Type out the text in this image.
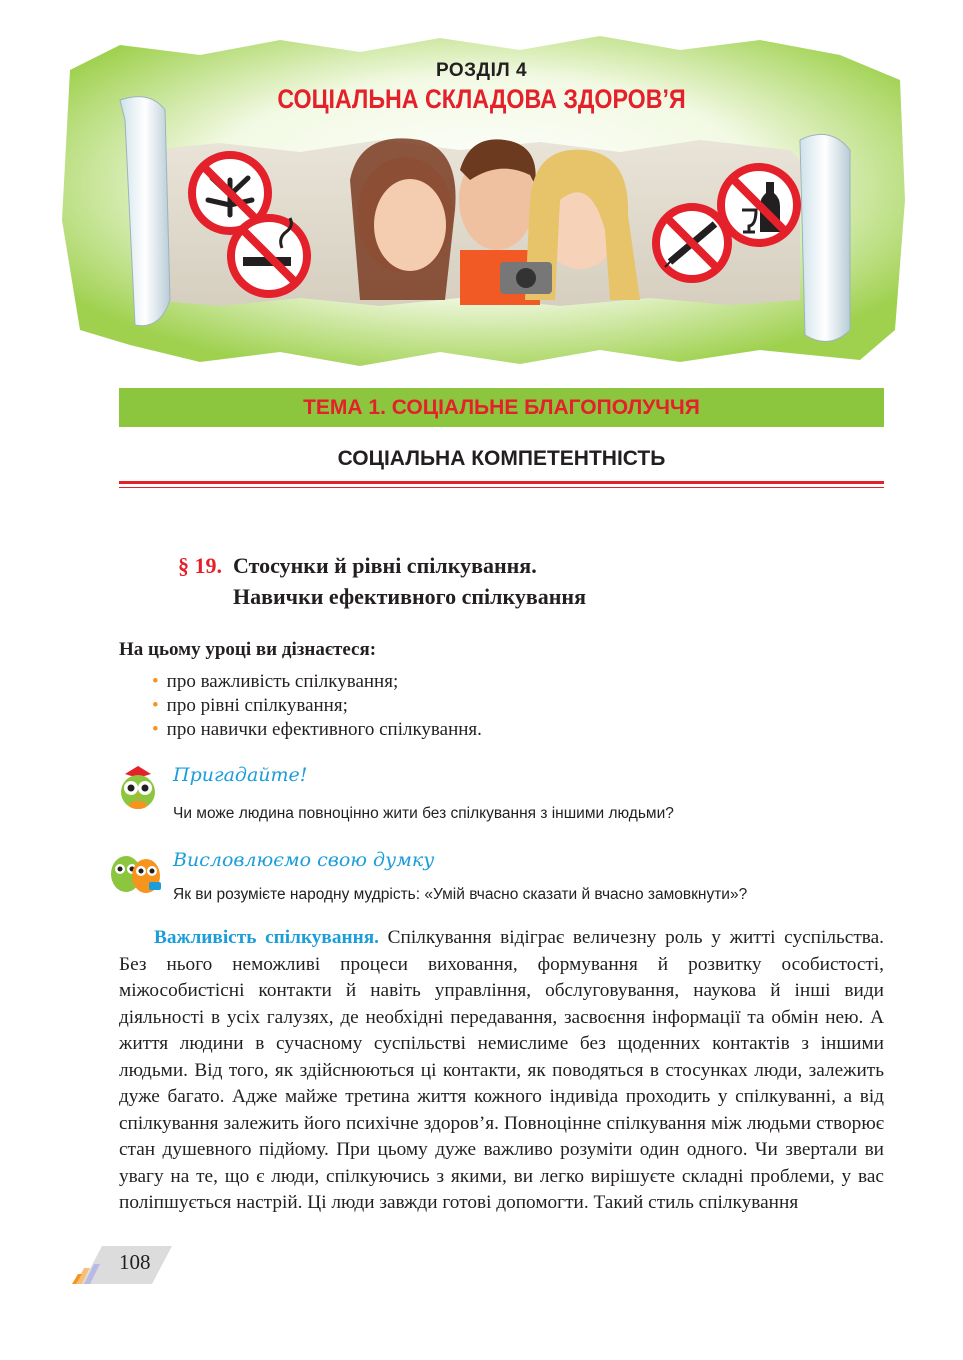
РОЗДІЛ 4
СОЦІАЛЬНА СКЛАДОВА ЗДОРОВ’Я
ТЕМА 1. СОЦІАЛЬНЕ БЛАГОПОЛУЧЧЯ
СОЦІАЛЬНА КОМПЕТЕНТНІСТЬ
§ 19. Стосунки й рівні спілкування.
Навички ефективного спілкування
На цьому уроці ви дізнаєтеся:
• про важливість спілкування;
• про рівні спілкування;
• про навички ефективного спілкування.
Пригадайте!
Чи може людина повноцінно жити без спілкування з іншими людьми?
Висловлюємо свою думку
Як ви розумієте народну мудрість: «Умій вчасно сказати й вчасно замовкнути»?
Важливість спілкування. Спілкування відіграє величезну роль у житті суспільства. Без нього неможливі процеси виховання, формування й розвитку особистості, міжособистісні контакти й навіть управління, обслуговування, наукова й інші види діяльності в усіх галузях, де необхідні передавання, засвоєння інформації та обмін нею. А життя людини в сучасному суспільстві немислиме без щоденних контактів з іншими людьми. Від того, як здійснюються ці контакти, як поводяться в стосунках люди, залежить дуже багато. Адже майже третина життя кожного індивіда проходить у спілкуванні, а від спілкування залежить його психічне здоров’я. Повноцінне спілкування між людьми створює стан душевного підйому. При цьому дуже важливо розуміти один одного. Чи звертали ви увагу на те, що є люди, спілкуючись з якими, ви легко вирішуєте складні проблеми, у вас поліпшується настрій. Ці люди завжди готові допомогти. Такий стиль спілкування
108
